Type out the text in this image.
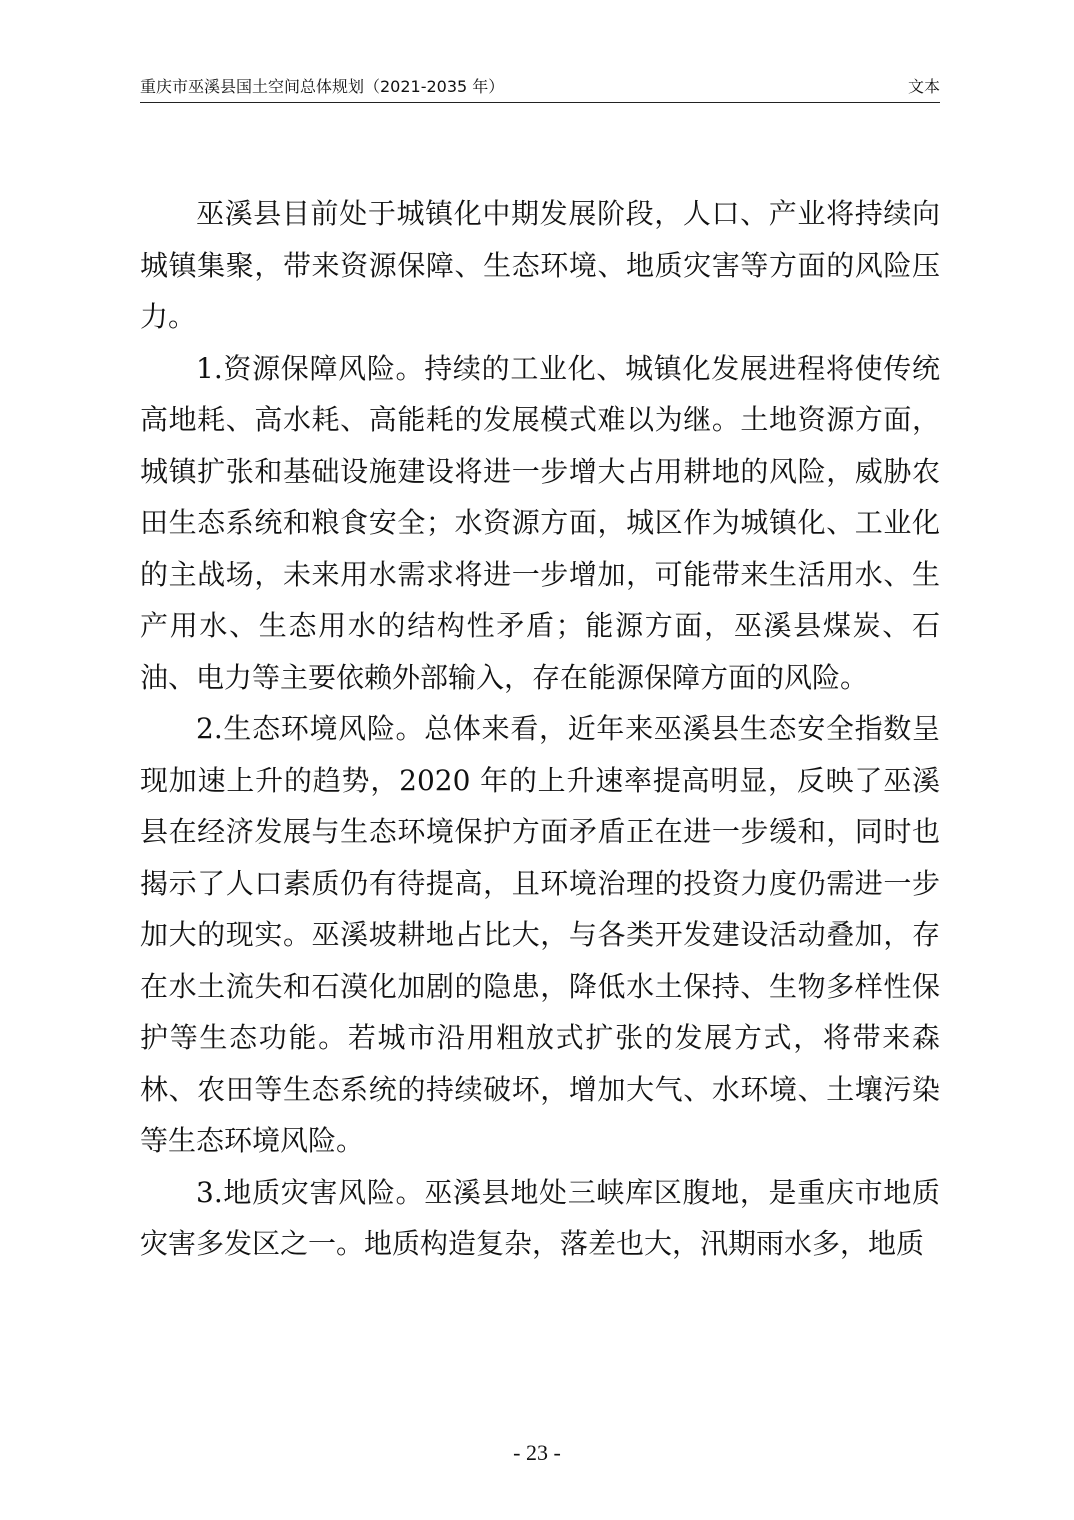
重庆市巫溪县国土空间总体规划（2021-2035 年）	文本

巫溪县目前处于城镇化中期发展阶段，人口、产业将持续向城镇集聚，带来资源保障、生态环境、地质灾害等方面的风险压力。

1.资源保障风险。持续的工业化、城镇化发展进程将使传统高地耗、高水耗、高能耗的发展模式难以为继。土地资源方面，城镇扩张和基础设施建设将进一步增大占用耕地的风险，威胁农田生态系统和粮食安全；水资源方面，城区作为城镇化、工业化的主战场，未来用水需求将进一步增加，可能带来生活用水、生产用水、生态用水的结构性矛盾；能源方面，巫溪县煤炭、石油、电力等主要依赖外部输入，存在能源保障方面的风险。

2.生态环境风险。总体来看，近年来巫溪县生态安全指数呈现加速上升的趋势，2020 年的上升速率提高明显，反映了巫溪县在经济发展与生态环境保护方面矛盾正在进一步缓和，同时也揭示了人口素质仍有待提高，且环境治理的投资力度仍需进一步加大的现实。巫溪坡耕地占比大，与各类开发建设活动叠加，存在水土流失和石漠化加剧的隐患，降低水土保持、生物多样性保护等生态功能。若城市沿用粗放式扩张的发展方式，将带来森林、农田等生态系统的持续破坏，增加大气、水环境、土壤污染等生态环境风险。

3.地质灾害风险。巫溪县地处三峡库区腹地，是重庆市地质灾害多发区之一。地质构造复杂，落差也大，汛期雨水多，地质

- 23 -
